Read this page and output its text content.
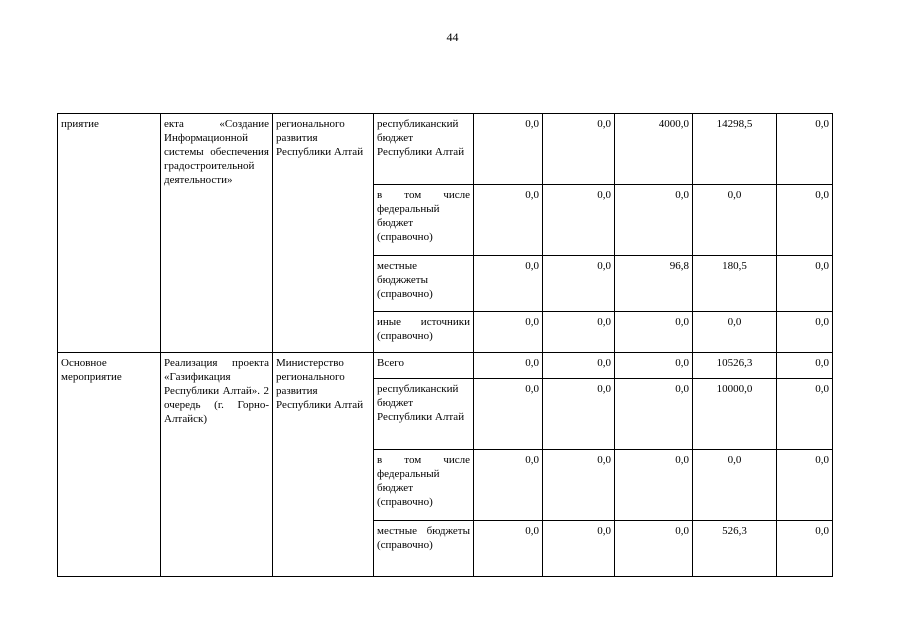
44
приятие	екта «Создание Информационной системы обеспечения градостроительной деятельности»	регионального развития Республики Алтай	республиканский бюджет Республики Алтай	0,0	0,0	4000,0	14298,5	0,0
			в том числе федеральный бюджет (справочно)	0,0	0,0	0,0	0,0	0,0
			местные бюджжеты (справочно)	0,0	0,0	96,8	180,5	0,0
			иные источники (справочно)	0,0	0,0	0,0	0,0	0,0

Основное мероприятие	Реализация проекта «Газификация Республики Алтай». 2 очередь (г. Горно-Алтайск)	Министерство регионального развития Республики Алтай	Всего	0,0	0,0	0,0	10526,3	0,0
			республиканский бюджет Республики Алтай	0,0	0,0	0,0	10000,0	0,0
			в том числе федеральный бюджет (справочно)	0,0	0,0	0,0	0,0	0,0
			местные бюджеты (справочно)	0,0	0,0	0,0	526,3	0,0
